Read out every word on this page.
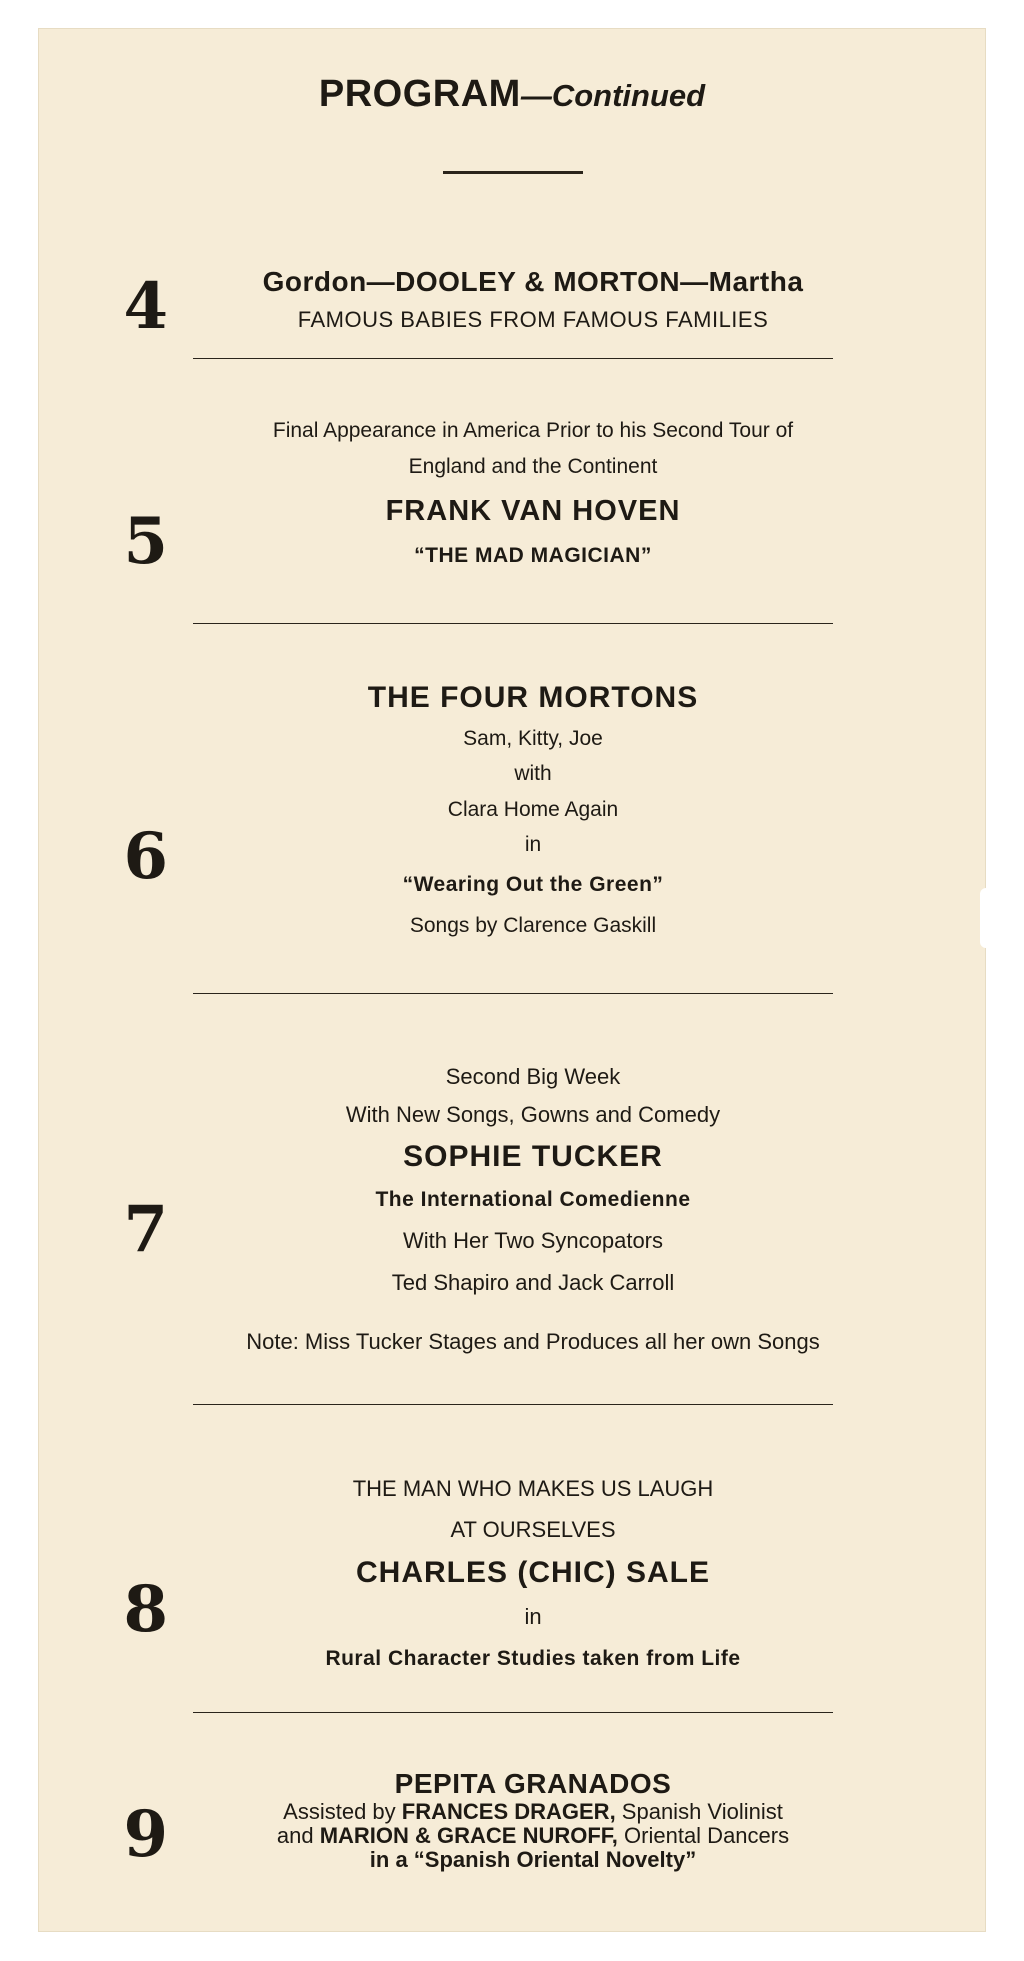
PROGRAM—Continued
4	Gordon—DOOLEY & MORTON—Martha
FAMOUS BABIES FROM FAMOUS FAMILIES
5
Final Appearance in America Prior to his Second Tour of
England and the Continent
FRANK VAN HOVEN
“THE MAD MAGICIAN”
6
THE FOUR MORTONS
Sam, Kitty, Joe
with
Clara Home Again
in
“Wearing Out the Green”
Songs by Clarence Gaskill
7
Second Big Week
With New Songs, Gowns and Comedy
SOPHIE TUCKER
The International Comedienne
With Her Two Syncopators
Ted Shapiro and Jack Carroll
Note: Miss Tucker Stages and Produces all her own Songs
8
THE MAN WHO MAKES US LAUGH
AT OURSELVES
CHARLES (CHIC) SALE
in
Rural Character Studies taken from Life
9
PEPITA GRANADOS
Assisted by FRANCES DRAGER, Spanish Violinist
and MARION & GRACE NUROFF, Oriental Dancers
in a “Spanish Oriental Novelty”
